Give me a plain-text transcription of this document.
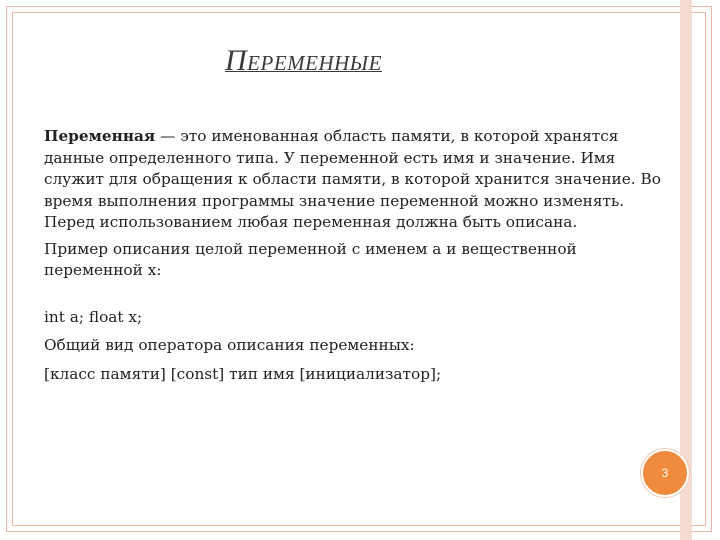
ПЕРЕМЕННЫЕ

Переменная — это именованная область памяти, в которой хранятся данные определенного типа. У переменной есть имя и значение. Имя служит для обращения к области памяти, в которой хранится значение. Во время выполнения программы значение переменной можно изменять. Перед использованием любая переменная должна быть описана.

Пример описания целой переменной с именем а и вещественной переменной х:

int a; float x;

Общий вид оператора описания переменных:

[класс памяти] [const] тип имя [инициализатор];

3
